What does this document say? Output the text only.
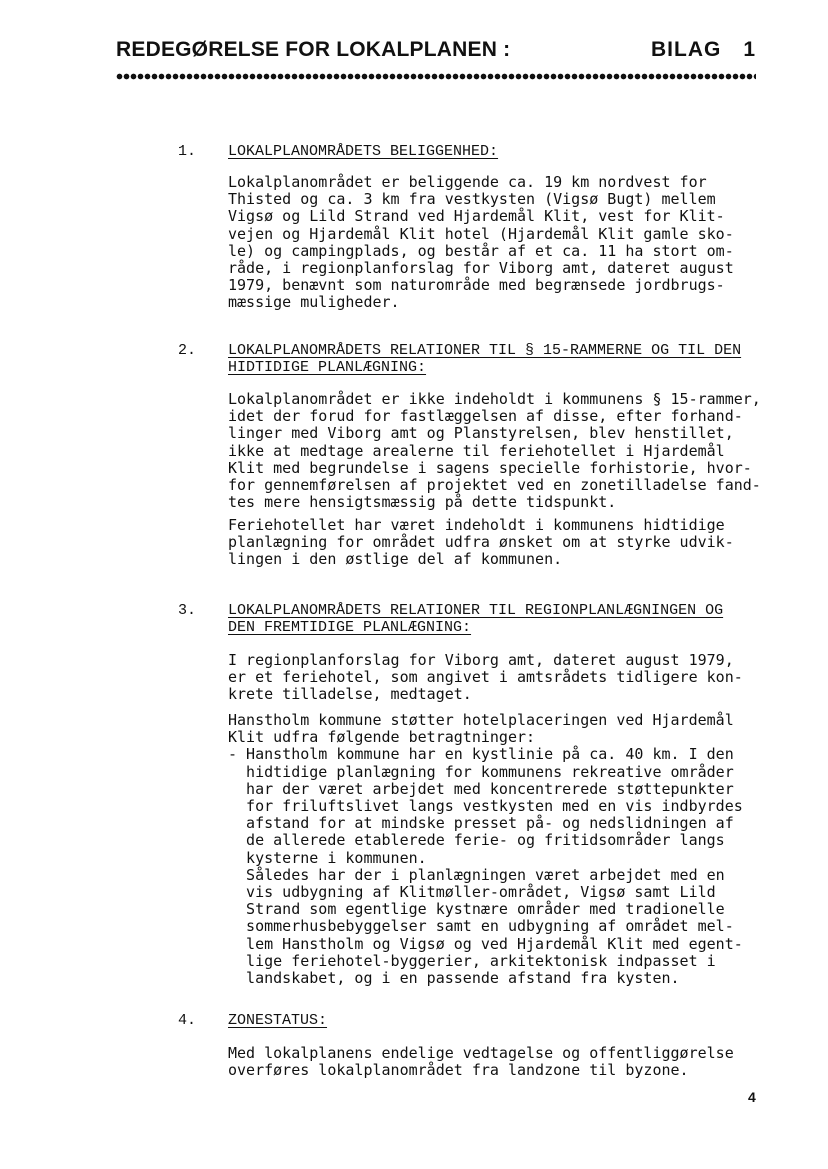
REDEGØRELSE FOR LOKALPLANEN :	BILAG 1
1. LOKALPLANOMRÅDETS BELIGGENHED:
Lokalplanområdet er beliggende ca. 19 km nordvest for
Thisted og ca. 3 km fra vestkysten (Vigsø Bugt) mellem
Vigsø og Lild Strand ved Hjardemål Klit, vest for Klit-
vejen og Hjardemål Klit hotel (Hjardemål Klit gamle sko-
le) og campingplads, og består af et ca. 11 ha stort om-
råde, i regionplanforslag for Viborg amt, dateret august
1979, benævnt som naturområde med begrænsede jordbrugs-
mæssige muligheder.
2. LOKALPLANOMRÅDETS RELATIONER TIL § 15-RAMMERNE OG TIL DEN
HIDTIDIGE PLANLÆGNING:
Lokalplanområdet er ikke indeholdt i kommunens § 15-rammer,
idet der forud for fastlæggelsen af disse, efter forhand-
linger med Viborg amt og Planstyrelsen, blev henstillet,
ikke at medtage arealerne til feriehotellet i Hjardemål
Klit med begrundelse i sagens specielle forhistorie, hvor-
for gennemførelsen af projektet ved en zonetilladelse fand-
tes mere hensigtsmæssig på dette tidspunkt.
Feriehotellet har været indeholdt i kommunens hidtidige
planlægning for området udfra ønsket om at styrke udvik-
lingen i den østlige del af kommunen.
3. LOKALPLANOMRÅDETS RELATIONER TIL REGIONPLANLÆGNINGEN OG
DEN FREMTIDIGE PLANLÆGNING:
I regionplanforslag for Viborg amt, dateret august 1979,
er et feriehotel, som angivet i amtsrådets tidligere kon-
krete tilladelse, medtaget.
Hanstholm kommune støtter hotelplaceringen ved Hjardemål
Klit udfra følgende betragtninger:
- Hanstholm kommune har en kystlinie på ca. 40 km. I den
hidtidige planlægning for kommunens rekreative områder
har der været arbejdet med koncentrerede støttepunkter
for friluftslivet langs vestkysten med en vis indbyrdes
afstand for at mindske presset på- og nedslidningen af
de allerede etablerede ferie- og fritidsområder langs
kysterne i kommunen.
Således har der i planlægningen været arbejdet med en
vis udbygning af Klitmøller-området, Vigsø samt Lild
Strand som egentlige kystnære områder med tradionelle
sommerhusbebyggelser samt en udbygning af området mel-
lem Hanstholm og Vigsø og ved Hjardemål Klit med egent-
lige feriehotel-byggerier, arkitektonisk indpasset i
landskabet, og i en passende afstand fra kysten.
4. ZONESTATUS:
Med lokalplanens endelige vedtagelse og offentliggørelse
overføres lokalplanområdet fra landzone til byzone.
4
